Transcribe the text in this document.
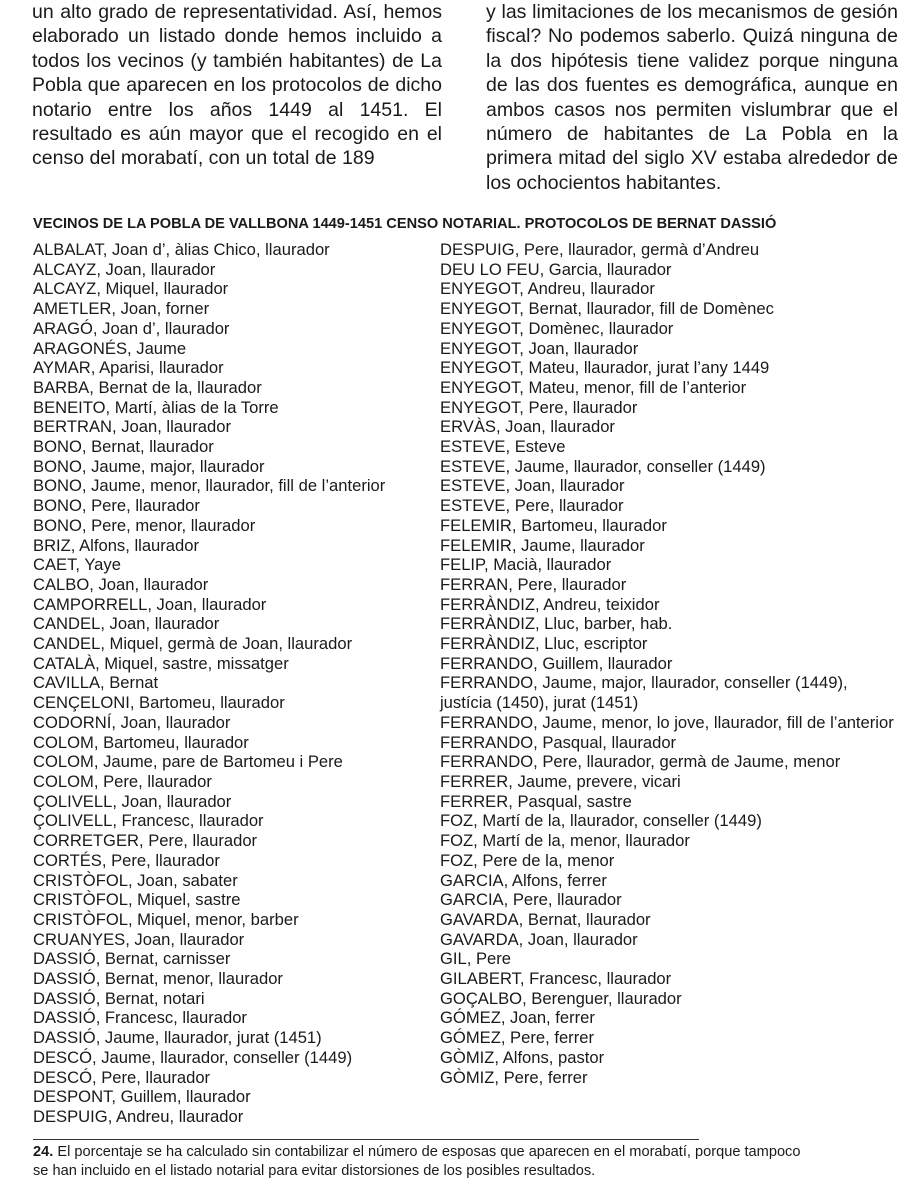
un alto grado de representatividad. Así, hemos elaborado un listado donde hemos incluido a todos los vecinos (y también habitantes) de La Pobla que aparecen en los protocolos de dicho notario entre los años 1449 al 1451. El resultado es aún mayor que el recogido en el censo del morabatí, con un total de 189

y las limitaciones de los mecanismos de gesión fiscal? No podemos saberlo. Quizá ninguna de la dos hipótesis tiene validez porque ninguna de las dos fuentes es demográfica, aunque en ambos casos nos permiten vislumbrar que el número de habitantes de La Pobla en la primera mitad del siglo XV estaba alrededor de los ochocientos habitantes.

VECINOS DE LA POBLA DE VALLBONA 1449-1451 CENSO NOTARIAL. PROTOCOLOS DE BERNAT DASSIÓ
ALBALAT, Joan d’, àlias Chico, llaurador
ALCAYZ, Joan, llaurador
ALCAYZ, Miquel, llaurador
AMETLER, Joan, forner
ARAGÓ, Joan d’, llaurador
ARAGONÉS, Jaume
AYMAR, Aparisi, llaurador
BARBA, Bernat de la, llaurador
BENEITO, Martí, àlias de la Torre
BERTRAN, Joan, llaurador
BONO, Bernat, llaurador
BONO, Jaume, major, llaurador
BONO, Jaume, menor, llaurador, fill de l’anterior
BONO, Pere, llaurador
BONO, Pere, menor, llaurador
BRIZ, Alfons, llaurador
CAET, Yaye
CALBO, Joan, llaurador
CAMPORRELL, Joan, llaurador
CANDEL, Joan, llaurador
CANDEL, Miquel, germà de Joan, llaurador
CATALÀ, Miquel, sastre, missatger
CAVILLA, Bernat
CENÇELONI, Bartomeu, llaurador
CODORNÍ, Joan, llaurador
COLOM, Bartomeu, llaurador
COLOM, Jaume, pare de Bartomeu i Pere
COLOM, Pere, llaurador
ÇOLIVELL, Joan, llaurador
ÇOLIVELL, Francesc, llaurador
CORRETGER, Pere, llaurador
CORTÉS, Pere, llaurador
CRISTÒFOL, Joan, sabater
CRISTÒFOL, Miquel, sastre
CRISTÒFOL, Miquel, menor, barber
CRUANYES, Joan, llaurador
DASSIÓ, Bernat, carnisser
DASSIÓ, Bernat, menor, llaurador
DASSIÓ, Bernat, notari
DASSIÓ, Francesc, llaurador
DASSIÓ, Jaume, llaurador, jurat (1451)
DESCÓ, Jaume, llaurador, conseller (1449)
DESCÓ, Pere, llaurador
DESPONT, Guillem, llaurador
DESPUIG, Andreu, llaurador
DESPUIG, Pere, llaurador, germà d’Andreu
DEU LO FEU, Garcia, llaurador
ENYEGOT, Andreu, llaurador
ENYEGOT, Bernat, llaurador, fill de Domènec
ENYEGOT, Domènec, llaurador
ENYEGOT, Joan, llaurador
ENYEGOT, Mateu, llaurador, jurat l’any 1449
ENYEGOT, Mateu, menor, fill de l’anterior
ENYEGOT, Pere, llaurador
ERVÀS, Joan, llaurador
ESTEVE, Esteve
ESTEVE, Jaume, llaurador, conseller (1449)
ESTEVE, Joan, llaurador
ESTEVE, Pere, llaurador
FELEMIR, Bartomeu, llaurador
FELEMIR, Jaume, llaurador
FELIP, Macià, llaurador
FERRAN, Pere, llaurador
FERRÀNDIZ, Andreu, teixidor
FERRÀNDIZ, Lluc, barber, hab.
FERRÀNDIZ, Lluc, escriptor
FERRANDO, Guillem, llaurador
FERRANDO, Jaume, major, llaurador, conseller (1449), justícia (1450), jurat (1451)
FERRANDO, Jaume, menor, lo jove, llaurador, fill de l’anterior
FERRANDO, Pasqual, llaurador
FERRANDO, Pere, llaurador, germà de Jaume, menor
FERRER, Jaume, prevere, vicari
FERRER, Pasqual, sastre
FOZ, Martí de la, llaurador, conseller (1449)
FOZ, Martí de la, menor, llaurador
FOZ, Pere de la, menor
GARCIA, Alfons, ferrer
GARCIA, Pere, llaurador
GAVARDA, Bernat, llaurador
GAVARDA, Joan, llaurador
GIL, Pere
GILABERT, Francesc, llaurador
GOÇALBO, Berenguer, llaurador
GÓMEZ, Joan, ferrer
GÓMEZ, Pere, ferrer
GÒMIZ, Alfons, pastor
GÒMIZ, Pere, ferrer

24. El porcentaje se ha calculado sin contabilizar el número de esposas que aparecen en el morabatí, porque tampoco
se han incluido en el listado notarial para evitar distorsiones de los posibles resultados.
